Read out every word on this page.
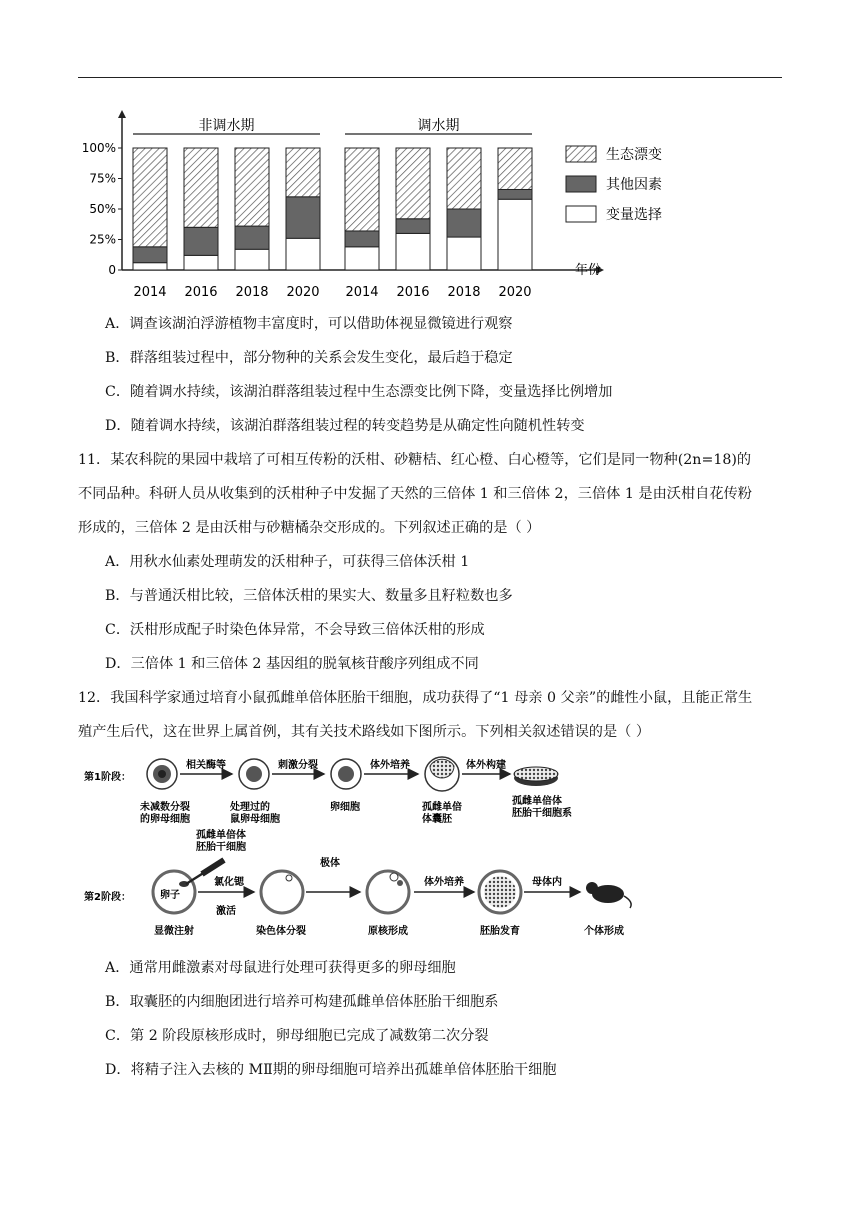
0
25%
50%
75%
100%
非调水期	调水期
2014 2016 2018 2020 2014 2016 2018 2020
年份
生态漂变
其他因素
变量选择
A．调查该湖泊浮游植物丰富度时，可以借助体视显微镜进行观察
B．群落组装过程中，部分物种的关系会发生变化，最后趋于稳定
C．随着调水持续，该湖泊群落组装过程中生态漂变比例下降，变量选择比例增加
D．随着调水持续，该湖泊群落组装过程的转变趋势是从确定性向随机性转变
11．某农科院的果园中栽培了可相互传粉的沃柑、砂糖桔、红心橙、白心橙等，它们是同一物种(2n=18)的
不同品种。科研人员从收集到的沃柑种子中发掘了天然的三倍体 1 和三倍体 2，三倍体 1 是由沃柑自花传粉
形成的，三倍体 2 是由沃柑与砂糖橘杂交形成的。下列叙述正确的是（ ）
A．用秋水仙素处理萌发的沃柑种子，可获得三倍体沃柑 1
B．与普通沃柑比较，三倍体沃柑的果实大、数量多且籽粒数也多
C．沃柑形成配子时染色体异常，不会导致三倍体沃柑的形成
D．三倍体 1 和三倍体 2 基因组的脱氧核苷酸序列组成不同
12．我国科学家通过培育小鼠孤雌单倍体胚胎干细胞，成功获得了“1 母亲 0 父亲”的雌性小鼠，且能正常生
殖产生后代，这在世界上属首例，其有关技术路线如下图所示。下列相关叙述错误的是（ ）
第1阶段：
相关酶等	刺激分裂	体外培养	体外构建
未减数分裂
的卵母细胞
处理过的
鼠卵母细胞
卵细胞	孤雌单倍
体囊胚
孤雌单倍体
胚胎干细胞系
孤雌单倍体
胚胎干细胞
第2阶段：	卵子
氯化锶
激活
极体
体外培养	母体内
显微注射	染色体分裂	原核形成	胚胎发育	个体形成
A．通常用雌激素对母鼠进行处理可获得更多的卵母细胞
B．取囊胚的内细胞团进行培养可构建孤雌单倍体胚胎干细胞系
C．第 2 阶段原核形成时，卵母细胞已完成了减数第二次分裂
D．将精子注入去核的 MⅡ期的卵母细胞可培养出孤雄单倍体胚胎干细胞
